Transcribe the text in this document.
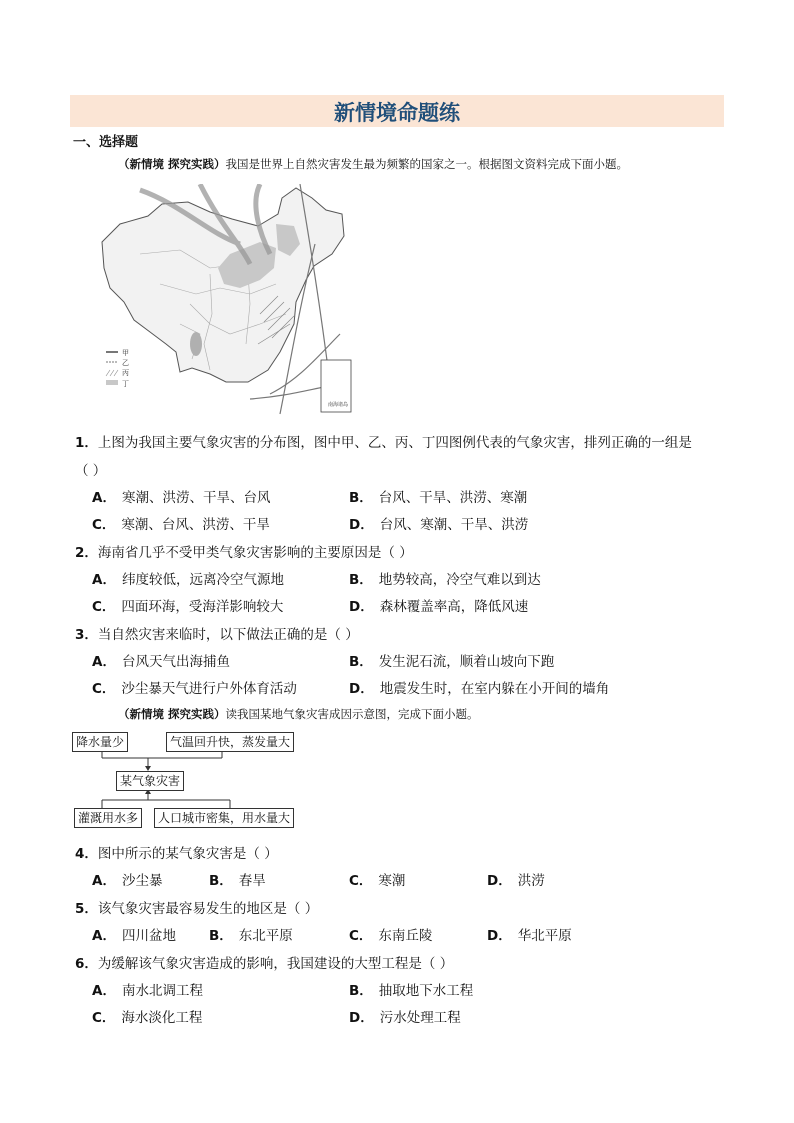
新情境命题练
一、选择题
（新情境 探究实践）我国是世界上自然灾害发生最为频繁的国家之一。根据图文资料完成下面小题。
南海诸岛
甲
乙
丙
丁
1．上图为我国主要气象灾害的分布图，图中甲、乙、丙、丁四图例代表的气象灾害，排列正确的一组是
（ ）
A． 寒潮、洪涝、干旱、台风	B． 台风、干旱、洪涝、寒潮
C． 寒潮、台风、洪涝、干旱	D． 台风、寒潮、干旱、洪涝
2．海南省几乎不受甲类气象灾害影响的主要原因是（ ）
A． 纬度较低，远离冷空气源地	B． 地势较高，冷空气难以到达
C． 四面环海，受海洋影响较大	D． 森林覆盖率高，降低风速
3．当自然灾害来临时，以下做法正确的是（ ）
A． 台风天气出海捕鱼	B． 发生泥石流，顺着山坡向下跑
C． 沙尘暴天气进行户外体育活动	D． 地震发生时，在室内躲在小开间的墙角
（新情境 探究实践）读我国某地气象灾害成因示意图，完成下面小题。
降水量少	气温回升快，蒸发量大
某气象灾害
灌溉用水多	人口城市密集，用水量大
4．图中所示的某气象灾害是（ ）
A． 沙尘暴	B． 春旱	C． 寒潮	D． 洪涝
5．该气象灾害最容易发生的地区是（ ）
A． 四川盆地 B． 东北平原	C． 东南丘陵	D． 华北平原
6．为缓解该气象灾害造成的影响，我国建设的大型工程是（ ）
A． 南水北调工程	B． 抽取地下水工程
C． 海水淡化工程	D． 污水处理工程
